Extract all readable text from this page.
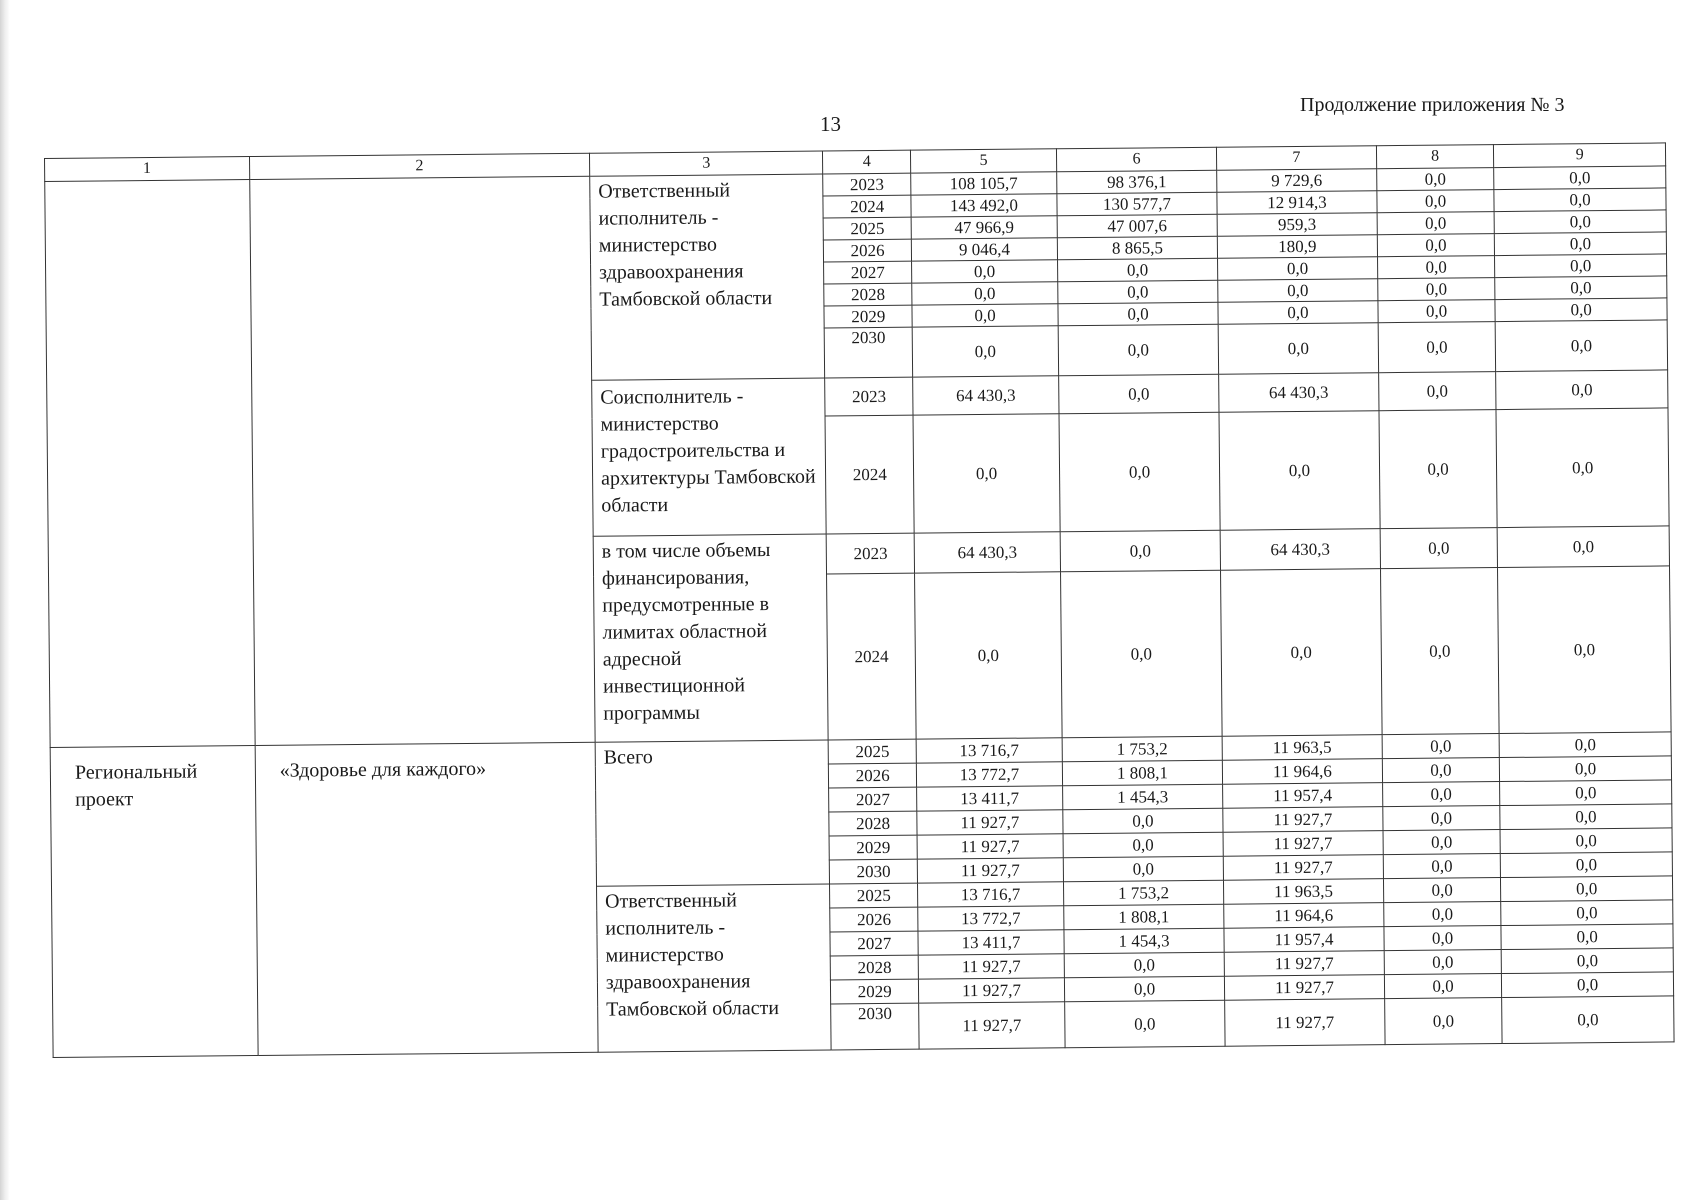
13
Продолжение приложения № 3
1	2	3	4	5	6	7	8	9
		Ответственный исполнитель - министерство здравоохранения Тамбовской области	2023	108 105,7	98 376,1	9 729,6	0,0	0,0
			2024	143 492,0	130 577,7	12 914,3	0,0	0,0
			2025	47 966,9	47 007,6	959,3	0,0	0,0
			2026	9 046,4	8 865,5	180,9	0,0	0,0
			2027	0,0	0,0	0,0	0,0	0,0
			2028	0,0	0,0	0,0	0,0	0,0
			2029	0,0	0,0	0,0	0,0	0,0
			2030	0,0	0,0	0,0	0,0	0,0
		Соисполнитель - министерство градостроительства и архитектуры Тамбовской области	2023	64 430,3	0,0	64 430,3	0,0	0,0
			2024	0,0	0,0	0,0	0,0	0,0
		в том числе объемы финансирования, предусмотренные в лимитах областной адресной инвестиционной программы	2023	64 430,3	0,0	64 430,3	0,0	0,0
			2024	0,0	0,0	0,0	0,0	0,0
Региональный проект	«Здоровье для каждого»	Всего	2025	13 716,7	1 753,2	11 963,5	0,0	0,0
			2026	13 772,7	1 808,1	11 964,6	0,0	0,0
			2027	13 411,7	1 454,3	11 957,4	0,0	0,0
			2028	11 927,7	0,0	11 927,7	0,0	0,0
			2029	11 927,7	0,0	11 927,7	0,0	0,0
			2030	11 927,7	0,0	11 927,7	0,0	0,0
		Ответственный исполнитель - министерство здравоохранения Тамбовской области	2025	13 716,7	1 753,2	11 963,5	0,0	0,0
			2026	13 772,7	1 808,1	11 964,6	0,0	0,0
			2027	13 411,7	1 454,3	11 957,4	0,0	0,0
			2028	11 927,7	0,0	11 927,7	0,0	0,0
			2029	11 927,7	0,0	11 927,7	0,0	0,0
			2030	11 927,7	0,0	11 927,7	0,0	0,0
